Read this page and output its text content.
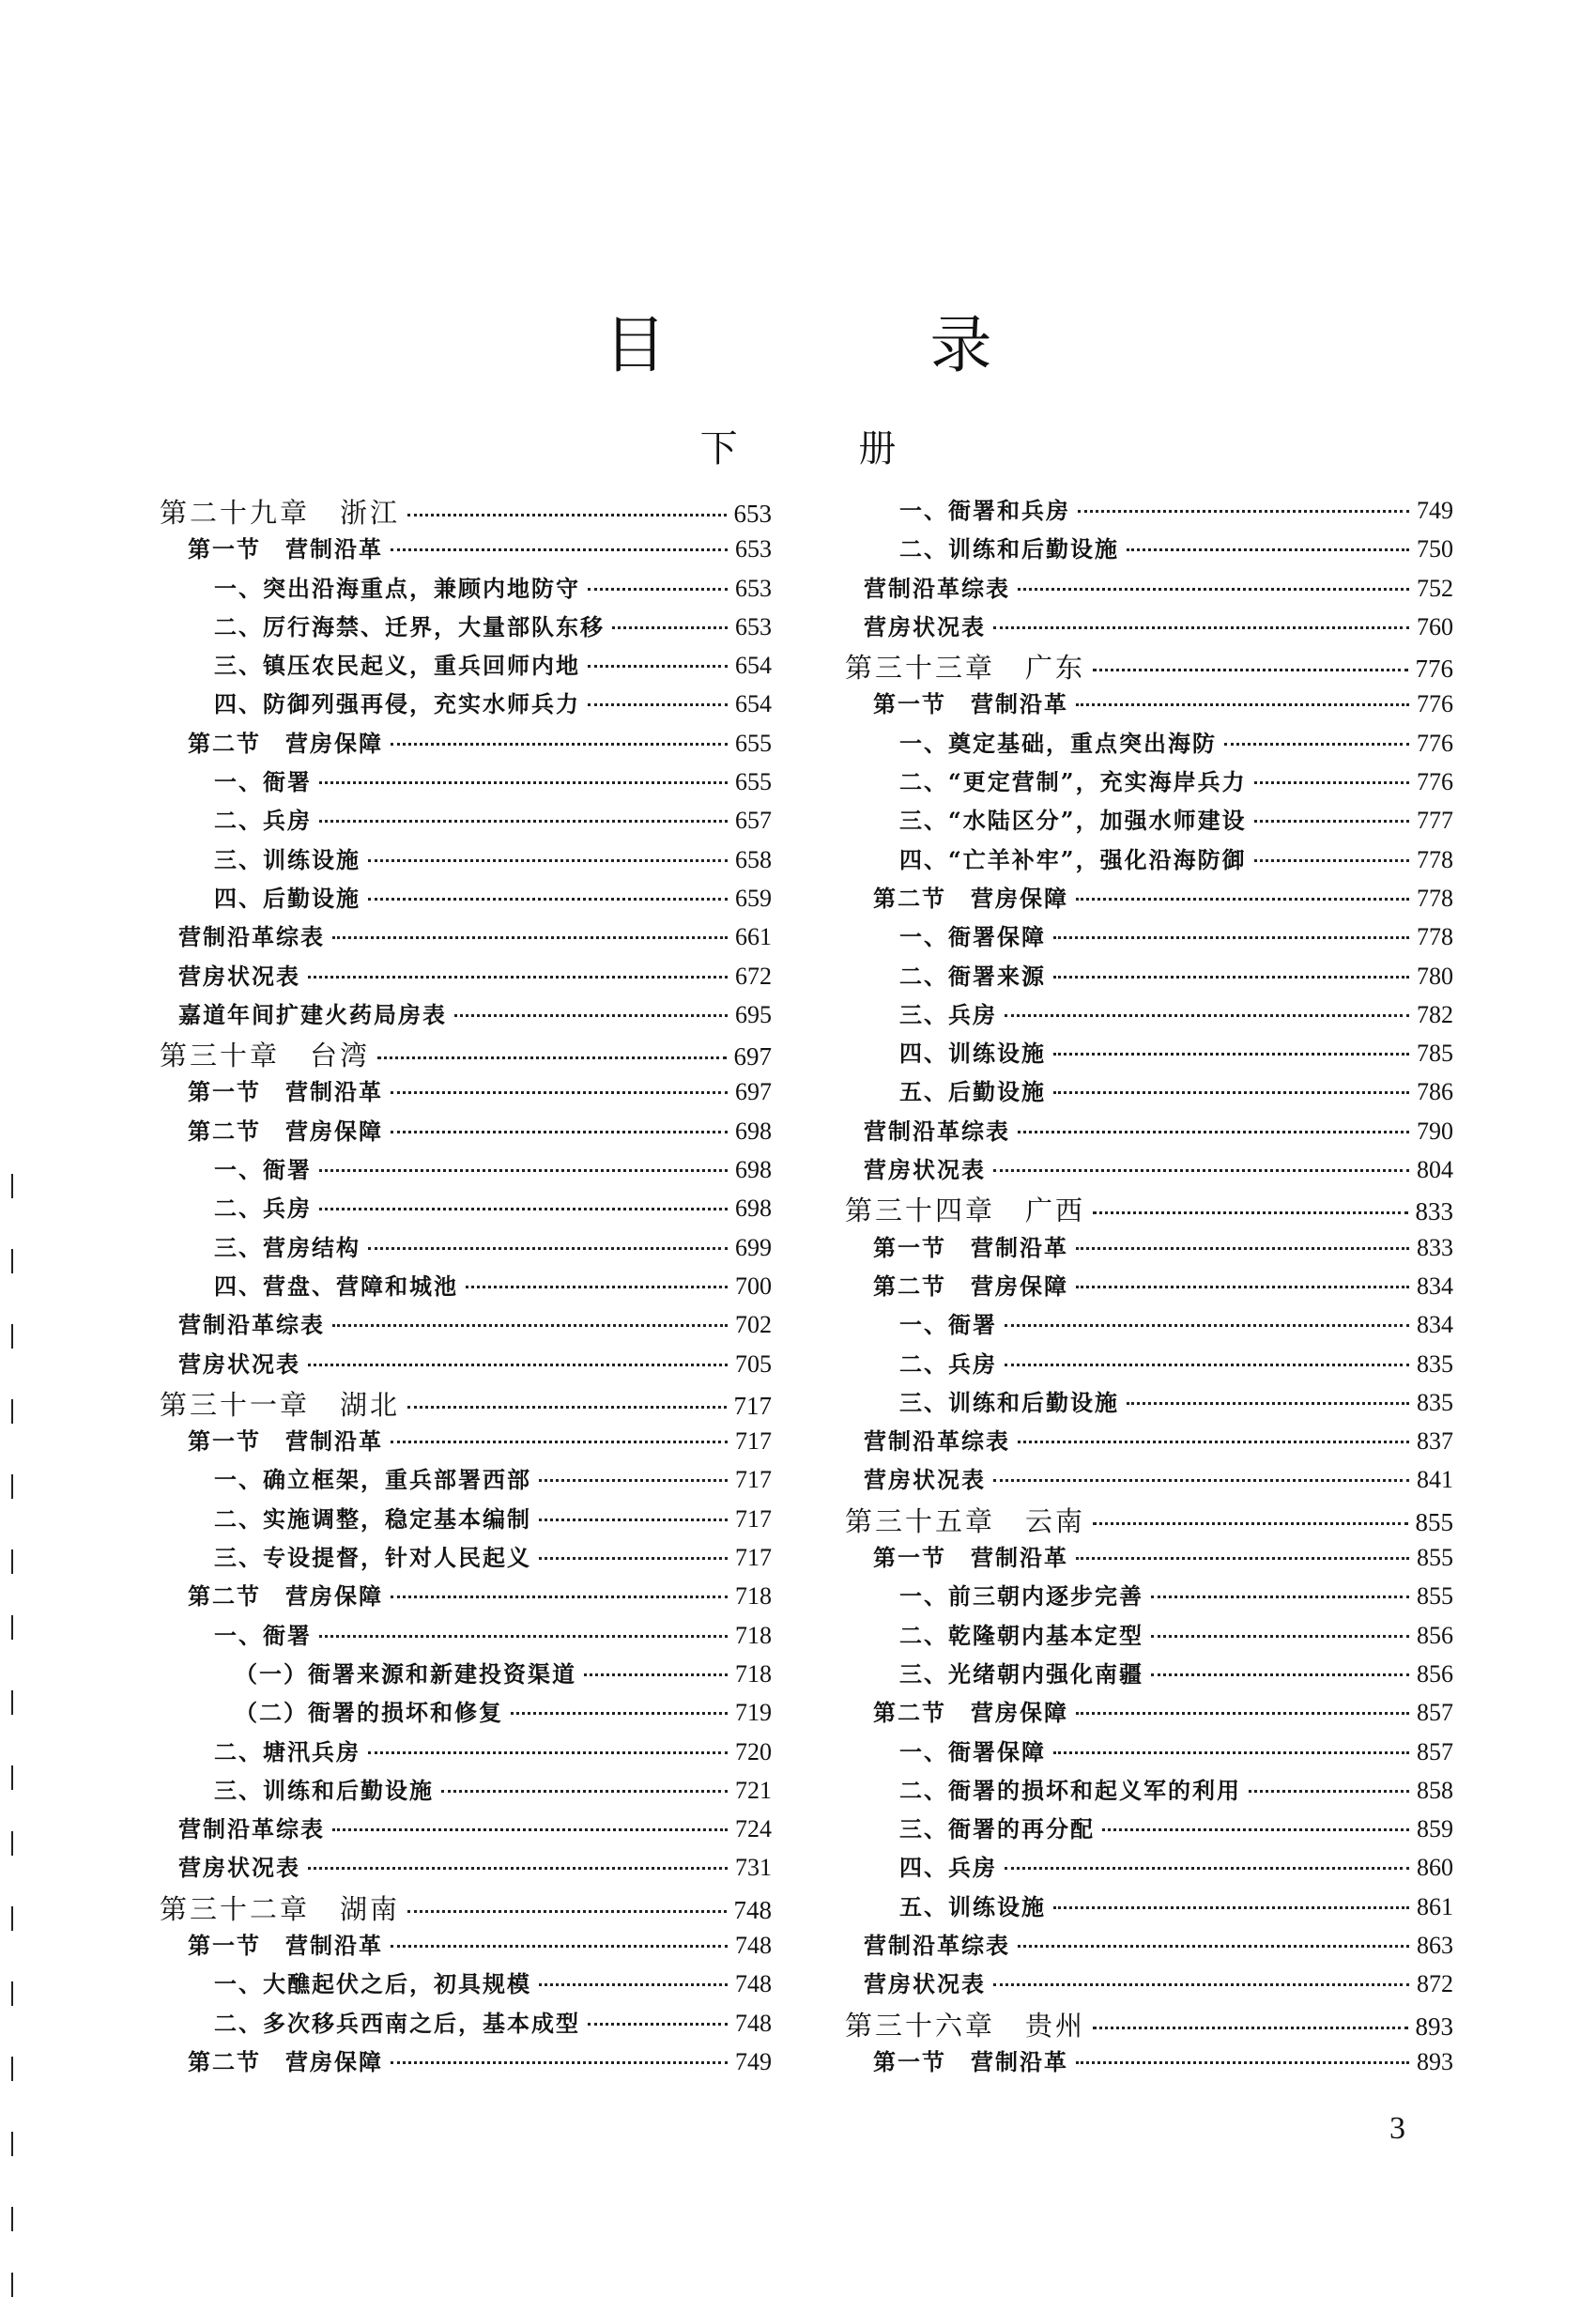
目 录
下 册
第二十九章　浙江	653
第一节　营制沿革	653
一、突出沿海重点，兼顾内地防守	653
二、厉行海禁、迁界，大量部队东移	653
三、镇压农民起义，重兵回师内地	654
四、防御列强再侵，充实水师兵力	654
第二节　营房保障	655
一、衙署	655
二、兵房	657
三、训练设施	658
四、后勤设施	659
营制沿革综表	661
营房状况表	672
嘉道年间扩建火药局房表	695
第三十章　台湾	697
第一节　营制沿革	697
第二节　营房保障	698
一、衙署	698
二、兵房	698
三、营房结构	699
四、营盘、营障和城池	700
营制沿革综表	702
营房状况表	705
第三十一章　湖北	717
第一节　营制沿革	717
一、确立框架，重兵部署西部	717
二、实施调整，稳定基本编制	717
三、专设提督，针对人民起义	717
第二节　营房保障	718
一、衙署	718
（一）衙署来源和新建投资渠道	718
（二）衙署的损坏和修复	719
二、塘汛兵房	720
三、训练和后勤设施	721
营制沿革综表	724
营房状况表	731
第三十二章　湖南	748
第一节　营制沿革	748
一、大醮起伏之后，初具规模	748
二、多次移兵西南之后，基本成型	748
第二节　营房保障	749
一、衙署和兵房	749
二、训练和后勤设施	750
营制沿革综表	752
营房状况表	760
第三十三章　广东	776
第一节　营制沿革	776
一、奠定基础，重点突出海防	776
二、“更定营制”，充实海岸兵力	776
三、“水陆区分”，加强水师建设	777
四、“亡羊补牢”，强化沿海防御	778
第二节　营房保障	778
一、衙署保障	778
二、衙署来源	780
三、兵房	782
四、训练设施	785
五、后勤设施	786
营制沿革综表	790
营房状况表	804
第三十四章　广西	833
第一节　营制沿革	833
第二节　营房保障	834
一、衙署	834
二、兵房	835
三、训练和后勤设施	835
营制沿革综表	837
营房状况表	841
第三十五章　云南	855
第一节　营制沿革	855
一、前三朝内逐步完善	855
二、乾隆朝内基本定型	856
三、光绪朝内强化南疆	856
第二节　营房保障	857
一、衙署保障	857
二、衙署的损坏和起义军的利用	858
三、衙署的再分配	859
四、兵房	860
五、训练设施	861
营制沿革综表	863
营房状况表	872
第三十六章　贵州	893
第一节　营制沿革	893
3
